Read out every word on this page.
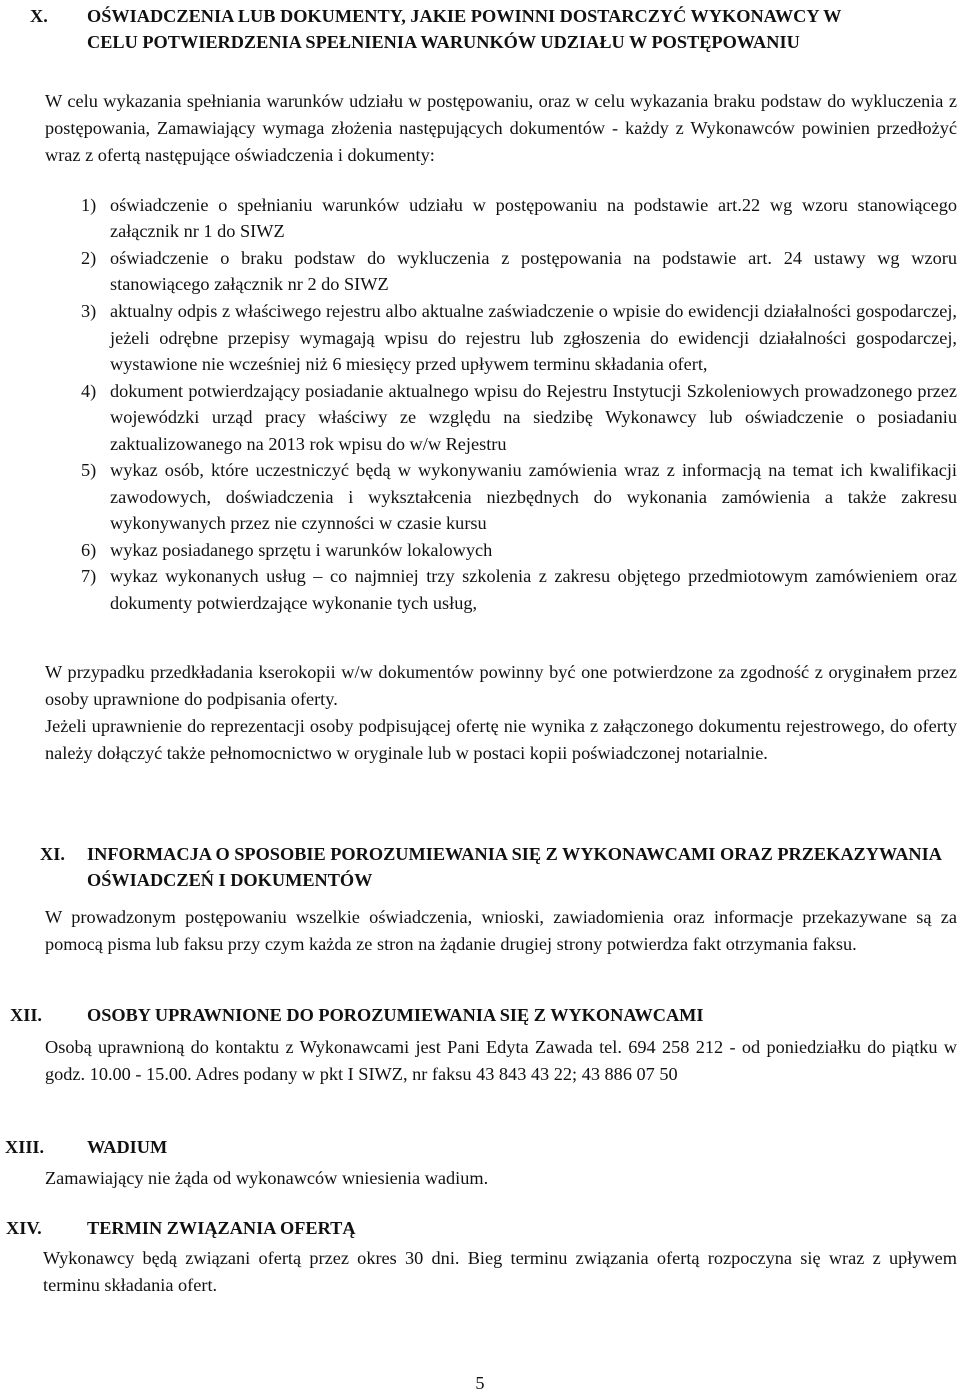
X. OŚWIADCZENIA LUB DOKUMENTY, JAKIE POWINNI DOSTARCZYĆ WYKONAWCY W CELU POTWIERDZENIA SPEŁNIENIA WARUNKÓW UDZIAŁU W POSTĘPOWANIU
W celu wykazania spełniania warunków udziału w postępowaniu, oraz w celu wykazania braku podstaw do wykluczenia z postępowania, Zamawiający wymaga złożenia następujących dokumentów - każdy z Wykonawców powinien przedłożyć wraz z ofertą następujące oświadczenia i dokumenty:
1) oświadczenie o spełnianiu warunków udziału w postępowaniu na podstawie art.22 wg wzoru stanowiącego załącznik nr 1 do SIWZ
2) oświadczenie o braku podstaw do wykluczenia z postępowania na podstawie art. 24 ustawy wg wzoru stanowiącego załącznik nr 2 do SIWZ
3) aktualny odpis z właściwego rejestru albo aktualne zaświadczenie o wpisie do ewidencji działalności gospodarczej, jeżeli odrębne przepisy wymagają wpisu do rejestru lub zgłoszenia do ewidencji działalności gospodarczej, wystawione nie wcześniej niż 6 miesięcy przed upływem terminu składania ofert,
4) dokument potwierdzający posiadanie aktualnego wpisu do Rejestru Instytucji Szkoleniowych prowadzonego przez wojewódzki urząd pracy właściwy ze względu na siedzibę Wykonawcy lub oświadczenie o posiadaniu zaktualizowanego na 2013 rok wpisu do w/w Rejestru
5) wykaz osób, które uczestniczyć będą w wykonywaniu zamówienia wraz z informacją na temat ich kwalifikacji zawodowych, doświadczenia i wykształcenia niezbędnych do wykonania zamówienia a także zakresu wykonywanych przez nie czynności w czasie kursu
6) wykaz posiadanego sprzętu i warunków lokalowych
7) wykaz wykonanych usług – co najmniej trzy szkolenia z zakresu objętego przedmiotowym zamówieniem oraz dokumenty potwierdzające wykonanie tych usług,
W przypadku przedkładania kserokopii w/w dokumentów powinny być one potwierdzone za zgodność z oryginałem przez osoby uprawnione do podpisania oferty.
Jeżeli uprawnienie do reprezentacji osoby podpisującej ofertę nie wynika z załączonego dokumentu rejestrowego, do oferty należy dołączyć także pełnomocnictwo w oryginale lub w postaci kopii poświadczonej notarialnie.
XI. INFORMACJA O SPOSOBIE POROZUMIEWANIA SIĘ Z WYKONAWCAMI ORAZ PRZEKAZYWANIA OŚWIADCZEŃ I DOKUMENTÓW
W prowadzonym postępowaniu wszelkie oświadczenia, wnioski, zawiadomienia oraz informacje przekazywane są za pomocą pisma lub faksu przy czym każda ze stron na żądanie drugiej strony potwierdza fakt otrzymania faksu.
XII. OSOBY UPRAWNIONE DO POROZUMIEWANIA SIĘ Z WYKONAWCAMI
Osobą uprawnioną do kontaktu z Wykonawcami jest Pani Edyta Zawada tel. 694 258 212 - od poniedziałku do piątku w godz. 10.00 - 15.00. Adres podany w pkt I SIWZ, nr faksu 43 843 43 22; 43 886 07 50
XIII. WADIUM
Zamawiający nie żąda od wykonawców wniesienia wadium.
XIV. TERMIN ZWIĄZANIA OFERTĄ
Wykonawcy będą związani ofertą przez okres 30 dni. Bieg terminu związania ofertą rozpoczyna się wraz z upływem terminu składania ofert.
5
